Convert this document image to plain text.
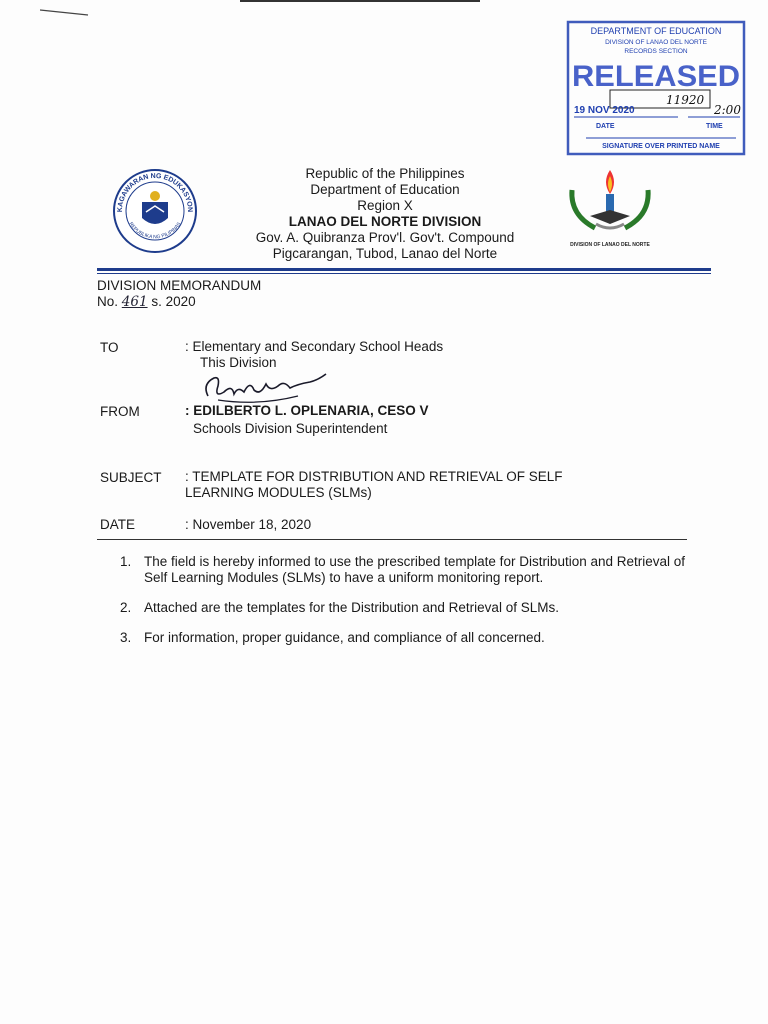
DEPARTMENT OF EDUCATION
DIVISION OF LANAO DEL NORTE
RECORDS SECTION
RELEASED
19 NOV 2020
11920
2:00
DATE	TIME
SIGNATURE OVER PRINTED NAME
KAGAWARAN NG EDUKASYON
REPUBLIKA NG PILIPINAS
DIVISION OF LANAO DEL NORTE
Republic of the Philippines
Department of Education
Region X
LANAO DEL NORTE DIVISION
Gov. A. Quibranza Prov'l. Gov't. Compound
Pigcarangan, Tubod, Lanao del Norte
DIVISION MEMORANDUM
No. 461 s. 2020
TO	: Elementary and Secondary School Heads
This Division
FROM	: EDILBERTO L. OPLENARIA, CESO V
Schools Division Superintendent
SUBJECT : TEMPLATE FOR DISTRIBUTION AND RETRIEVAL OF SELF LEARNING MODULES (SLMs)
DATE	: November 18, 2020
1. The field is hereby informed to use the prescribed template for Distribution and Retrieval of Self Learning Modules (SLMs) to have a uniform monitoring report.
2. Attached are the templates for the Distribution and Retrieval of SLMs.
3. For information, proper guidance, and compliance of all concerned.
